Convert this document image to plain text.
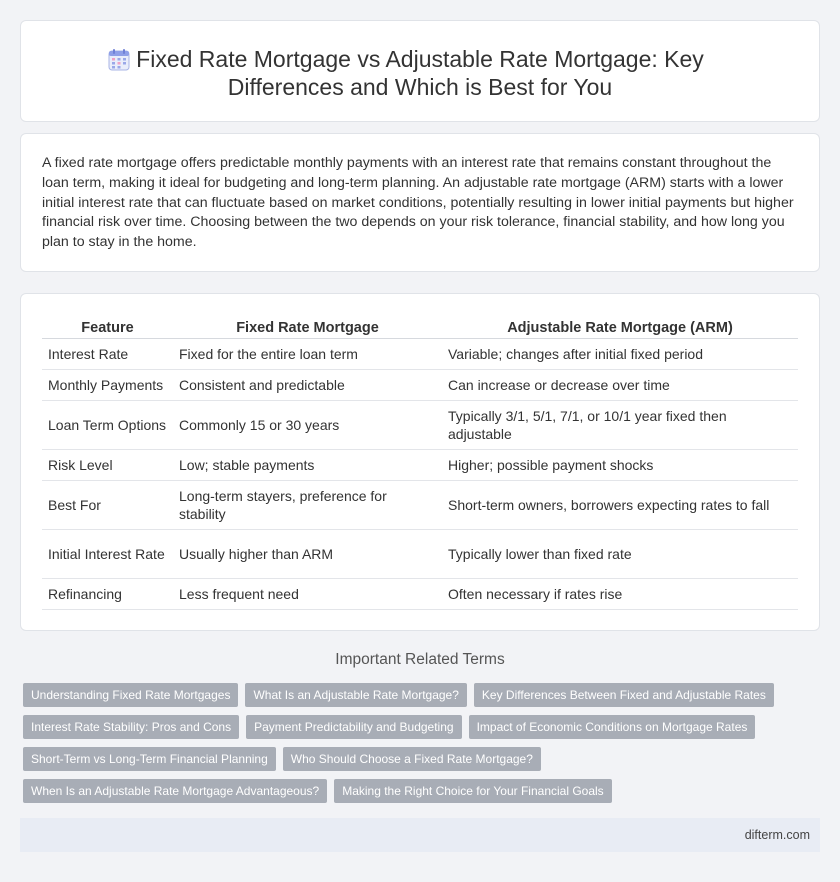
Fixed Rate Mortgage vs Adjustable Rate Mortgage: Key
Differences and Which is Best for You

A fixed rate mortgage offers predictable monthly payments with an interest rate that remains constant throughout the loan term, making it ideal for budgeting and long-term planning. An adjustable rate mortgage (ARM) starts with a lower initial interest rate that can fluctuate based on market conditions, potentially resulting in lower initial payments but higher financial risk over time. Choosing between the two depends on your risk tolerance, financial stability, and how long you plan to stay in the home.

Feature	Fixed Rate Mortgage	Adjustable Rate Mortgage (ARM)
Interest Rate	Fixed for the entire loan term	Variable; changes after initial fixed period
Monthly Payments	Consistent and predictable	Can increase or decrease over time
Loan Term Options	Commonly 15 or 30 years	Typically 3/1, 5/1, 7/1, or 10/1 year fixed then adjustable
Risk Level	Low; stable payments	Higher; possible payment shocks
Best For	Long-term stayers, preference for stability	Short-term owners, borrowers expecting rates to fall
Initial Interest Rate	Usually higher than ARM	Typically lower than fixed rate
Refinancing	Less frequent need	Often necessary if rates rise
Important Related Terms
Understanding Fixed Rate Mortgages	What Is an Adjustable Rate Mortgage?	Key Differences Between Fixed and Adjustable Rates
Interest Rate Stability: Pros and Cons	Payment Predictability and Budgeting	Impact of Economic Conditions on Mortgage Rates
Short-Term vs Long-Term Financial Planning	Who Should Choose a Fixed Rate Mortgage?
When Is an Adjustable Rate Mortgage Advantageous?	Making the Right Choice for Your Financial Goals
difterm.com
